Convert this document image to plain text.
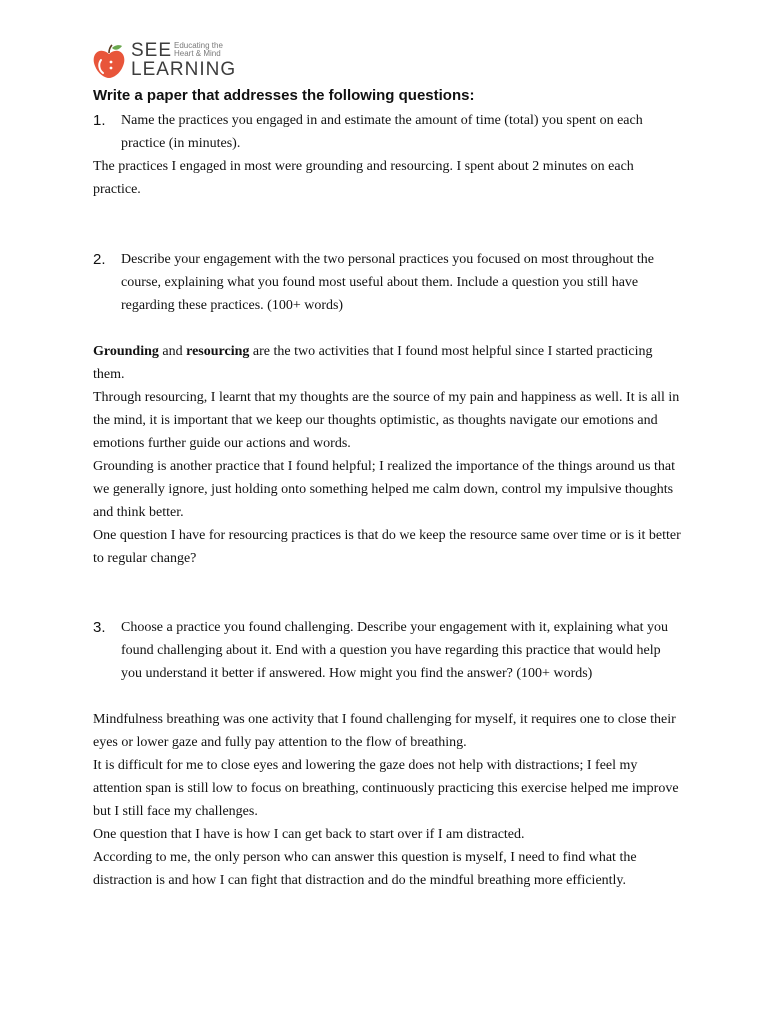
SEE Educating the
Heart & Mind
LEARNING
Write a paper that addresses the following questions:
1. Name the practices you engaged in and estimate the amount of time (total) you spent on each practice (in minutes).

The practices I engaged in most were grounding and resourcing. I spent about 2 minutes on each practice.

2. Describe your engagement with the two personal practices you focused on most throughout the course, explaining what you found most useful about them. Include a question you still have regarding these practices. (100+ words)

Grounding and resourcing are the two activities that I found most helpful since I started practicing them.

Through resourcing, I learnt that my thoughts are the source of my pain and happiness as well. It is all in the mind, it is important that we keep our thoughts optimistic, as thoughts navigate our emotions and emotions further guide our actions and words.

Grounding is another practice that I found helpful; I realized the importance of the things around us that we generally ignore, just holding onto something helped me calm down, control my impulsive thoughts and think better.

One question I have for resourcing practices is that do we keep the resource same over time or is it better to regular change?

3. Choose a practice you found challenging. Describe your engagement with it, explaining what you found challenging about it. End with a question you have regarding this practice that would help you understand it better if answered. How might you find the answer? (100+ words)

Mindfulness breathing was one activity that I found challenging for myself, it requires one to close their eyes or lower gaze and fully pay attention to the flow of breathing.

It is difficult for me to close eyes and lowering the gaze does not help with distractions; I feel my attention span is still low to focus on breathing, continuously practicing this exercise helped me improve but I still face my challenges.

One question that I have is how I can get back to start over if I am distracted.

According to me, the only person who can answer this question is myself, I need to find what the distraction is and how I can fight that distraction and do the mindful breathing more efficiently.
